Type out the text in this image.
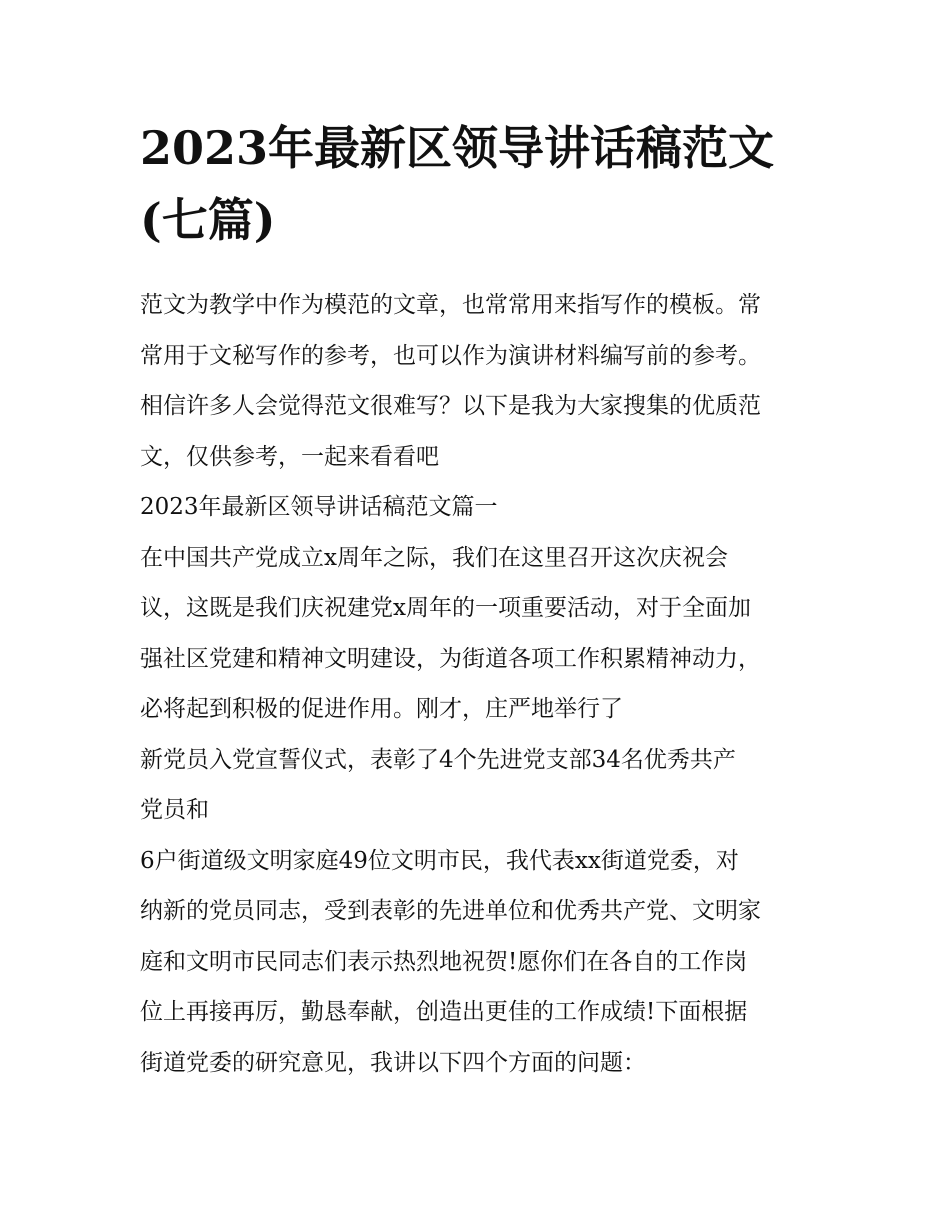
2023年最新区领导讲话稿范文
(七篇)
范文为教学中作为模范的文章，也常常用来指写作的模板。常
常用于文秘写作的参考，也可以作为演讲材料编写前的参考。
相信许多人会觉得范文很难写？以下是我为大家搜集的优质范
文，仅供参考，一起来看看吧
2023年最新区领导讲话稿范文篇一
在中国共产党成立x周年之际，我们在这里召开这次庆祝会
议，这既是我们庆祝建党x周年的一项重要活动，对于全面加
强社区党建和精神文明建设，为街道各项工作积累精神动力，
必将起到积极的促进作用。刚才，庄严地举行了
新党员入党宣誓仪式，表彰了4个先进党支部34名优秀共产
党员和
6户街道级文明家庭49位文明市民，我代表xx街道党委，对
纳新的党员同志，受到表彰的先进单位和优秀共产党、文明家
庭和文明市民同志们表示热烈地祝贺!愿你们在各自的工作岗
位上再接再厉，勤恳奉献，创造出更佳的工作成绩!下面根据
街道党委的研究意见，我讲以下四个方面的问题：
